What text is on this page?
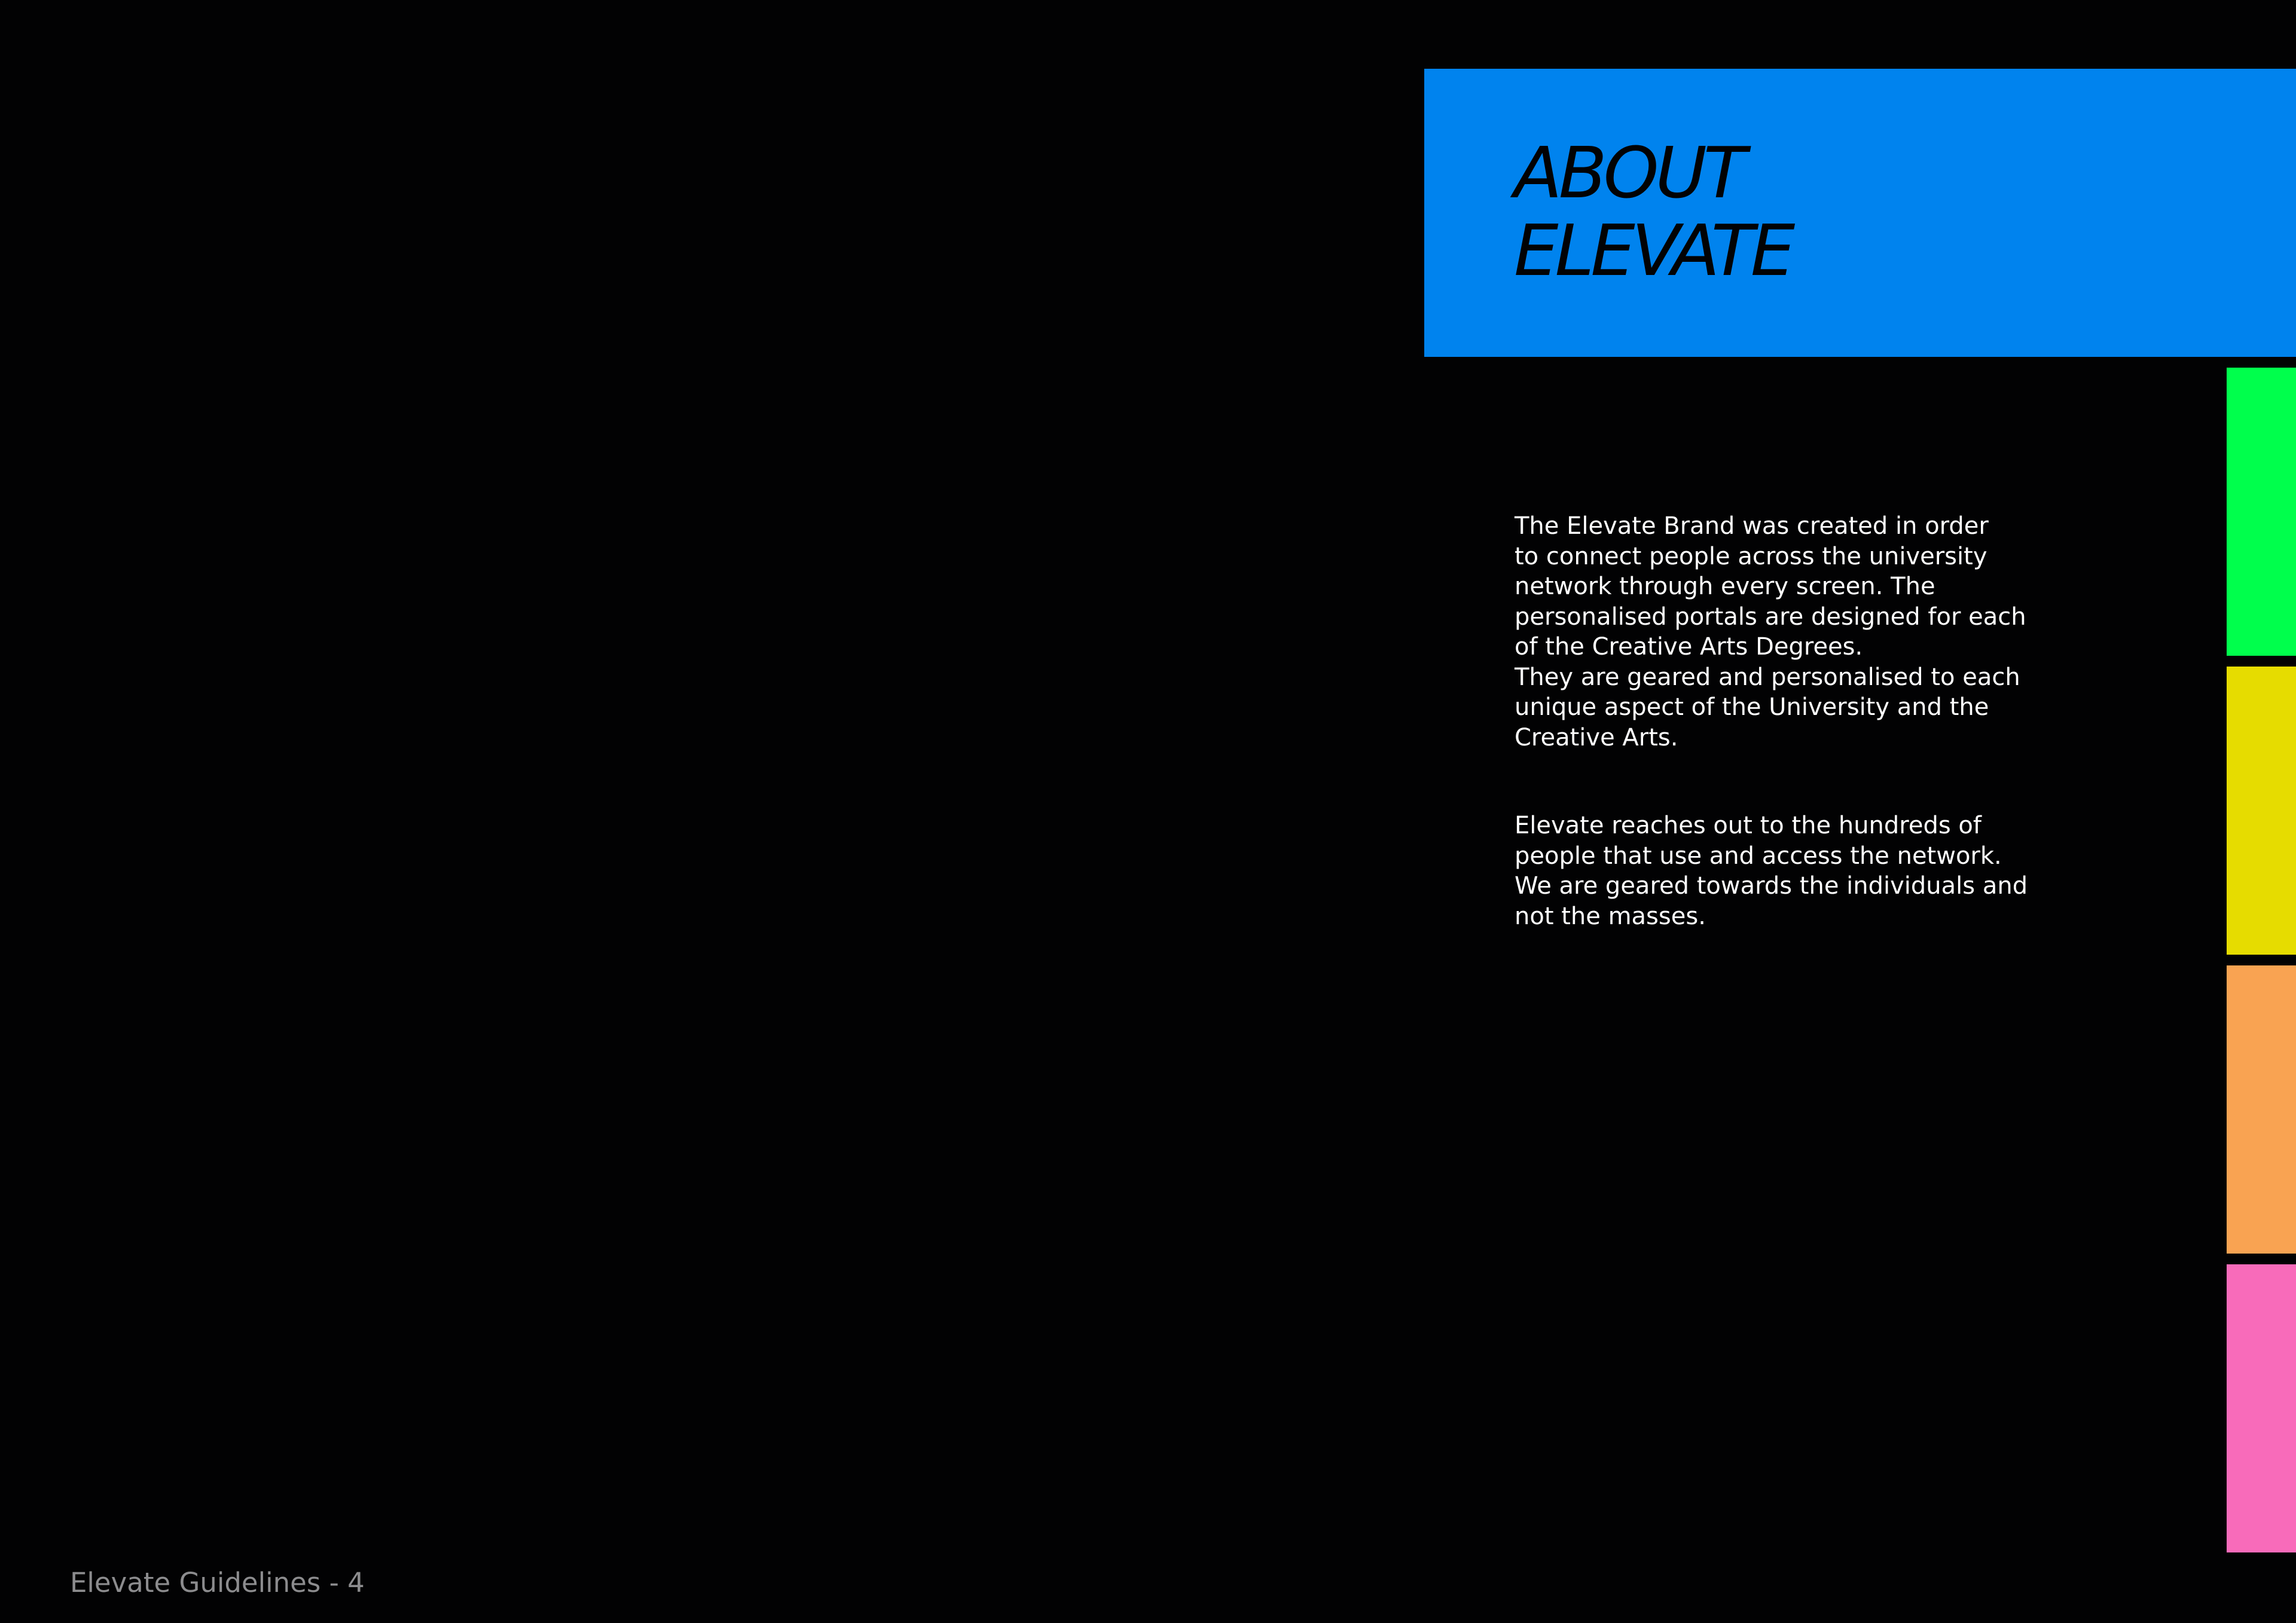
ABOUT
ELEVATE

The Elevate Brand was created in order
to connect people across the university
network through every screen. The
personalised portals are designed for each
of the Creative Arts Degrees.
They are geared and personalised to each
unique aspect of the University and the
Creative Arts.

Elevate reaches out to the hundreds of
people that use and access the network.
We are geared towards the individuals and
not the masses.

Elevate Guidelines - 4
